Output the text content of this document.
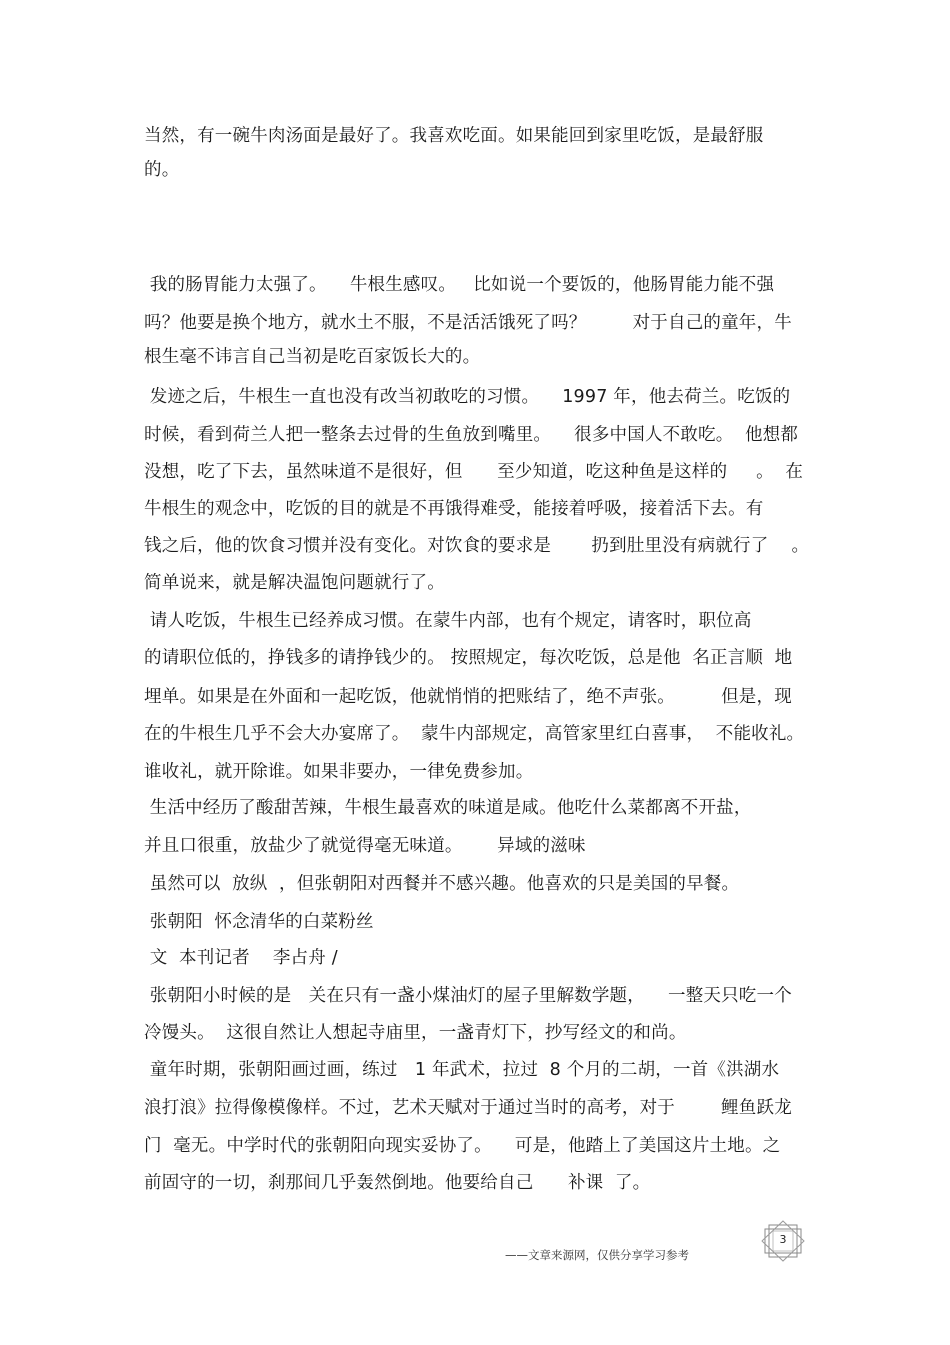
当然，有一碗牛肉汤面是最好了。我喜欢吃面。如果能回到家里吃饭，是最舒服
的。
我的肠胃能力太强了。    牛根生感叹。   比如说一个要饭的，他肠胃能力能不强
吗？他要是换个地方，就水土不服，不是活活饿死了吗？        对于自己的童年，牛
根生毫不讳言自己当初是吃百家饭长大的。
发迹之后，牛根生一直也没有改当初敢吃的习惯。    1997 年，他去荷兰。吃饭的
时候，看到荷兰人把一整条去过骨的生鱼放到嘴里。    很多中国人不敢吃。  他想都
没想，吃了下去，虽然味道不是很好，但      至少知道，吃这种鱼是这样的     。  在
牛根生的观念中，吃饭的目的就是不再饿得难受，能接着呼吸，接着活下去。有
钱之后，他的饮食习惯并没有变化。对饮食的要求是       扔到肚里没有病就行了    。
简单说来，就是解决温饱问题就行了。
请人吃饭，牛根生已经养成习惯。在蒙牛内部，也有个规定，请客时，职位高
的请职位低的，挣钱多的请挣钱少的。 按照规定，每次吃饭，总是他  名正言顺  地
埋单。如果是在外面和一起吃饭，他就悄悄的把账结了，绝不声张。        但是，现
在的牛根生几乎不会大办宴席了。  蒙牛内部规定，高管家里红白喜事，  不能收礼。
谁收礼，就开除谁。如果非要办，一律免费参加。
生活中经历了酸甜苦辣，牛根生最喜欢的味道是咸。他吃什么菜都离不开盐，
并且口很重，放盐少了就觉得毫无味道。      异域的滋味
虽然可以  放纵  ，但张朝阳对西餐并不感兴趣。他喜欢的只是美国的早餐。
张朝阳  怀念清华的白菜粉丝
文  本刊记者    李占舟 /
张朝阳小时候的是   关在只有一盏小煤油灯的屋子里解数学题，    一整天只吃一个
冷馒头。  这很自然让人想起寺庙里，一盏青灯下，抄写经文的和尚。
童年时期，张朝阳画过画，练过   1 年武术，拉过  8 个月的二胡，一首《洪湖水
浪打浪》拉得像模像样。不过，艺术天赋对于通过当时的高考，对于        鲤鱼跃龙
门  毫无。中学时代的张朝阳向现实妥协了。    可是，他踏上了美国这片土地。之
前固守的一切，刹那间几乎轰然倒地。他要给自己      补课  了。
3
——文章来源网，仅供分享学习参考
